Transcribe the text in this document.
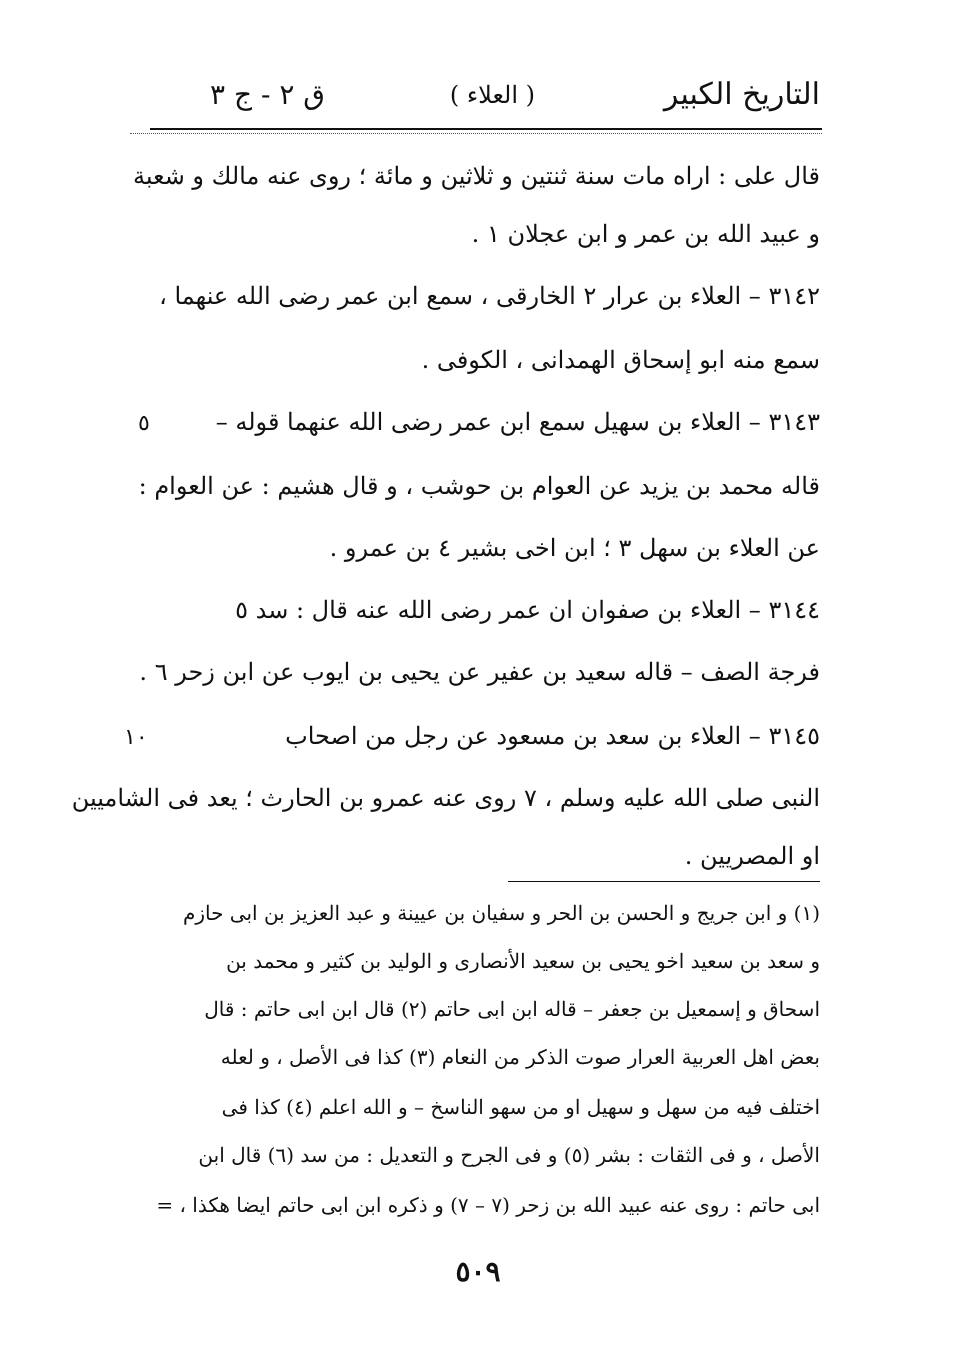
التاريخ الكبير
( العلاء )
ق ٢ - ج ٣
قال علی : اراه مات سنة ثنتین و ثلاثین و مائة ؛ روی عنه مالك و شعبة
و عبید الله بن عمر و ابن عجلان ١ .
٣١٤٢ – العلاء بن عرار ٢ الخارقی ، سمع ابن عمر رضی الله عنهما ،
سمع منه ابو إسحاق الهمدانی ، الکوفی .
٣١٤٣ – العلاء بن سهیل سمع ابن عمر رضی الله عنهما قوله –
قاله محمد بن یزید عن العوام بن حوشب ، و قال هشیم : عن العوام :
عن العلاء بن سهل ٣ ؛ ابن اخی بشیر ٤ بن عمرو .
٣١٤٤ – العلاء بن صفوان ان عمر رضی الله عنه قال : سد ٥
فرجة الصف – قاله سعید بن عفیر عن یحیی بن ایوب عن ابن زحر ٦ .
٣١٤٥ – العلاء بن سعد بن مسعود عن رجل من اصحاب
النبی صلی الله علیه وسلم ، ٧ روی عنه عمرو بن الحارث ؛ یعد فی الشامیین
او المصریین .
٥
١٠
(١) و ابن جریج و الحسن بن الحر و سفیان بن عیینة و عبد العزیز بن ابی حازم
و سعد بن سعید اخو یحیی بن سعید الأنصاری و الولید بن کثیر و محمد بن
اسحاق و إسمعیل بن جعفر – قاله ابن ابی حاتم (٢) قال ابن ابی حاتم : قال
بعض اهل العربیة العرار صوت الذکر من النعام (٣) کذا فی الأصل ، و لعله
اختلف فیه من سهل و سهیل او من سهو الناسخ – و الله اعلم (٤) کذا فی
الأصل ، و فی الثقات : بشر (٥) و فی الجرح و التعدیل : من سد (٦) قال ابن
ابی حاتم : روی عنه عبید الله بن زحر (٧ – ٧) و ذکره ابن ابی حاتم ایضا هکذا ، =
٥٠٩
